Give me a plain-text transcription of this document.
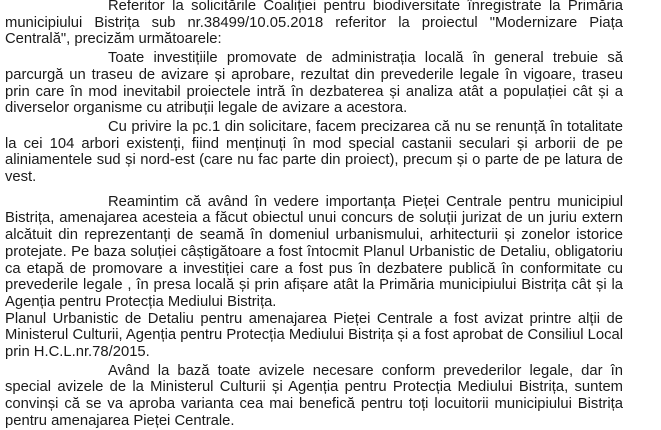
Referitor la solicitările Coaliției pentru biodiversitate înregistrate la Primăria municipiului Bistrița sub nr.38499/10.05.2018 referitor la proiectul "Modernizare Piața Centrală", precizăm următoarele:

Toate investițiile promovate de administrația locală în general trebuie să parcurgă un traseu de avizare și aprobare, rezultat din prevederile legale în vigoare, traseu prin care în mod inevitabil proiectele intră în dezbaterea și analiza atât a populației cât și a diverselor organisme cu atribuții legale de avizare a acestora.

Cu privire la pc.1 din solicitare, facem precizarea că nu se renunță în totalitate la cei 104 arbori existenți, fiind menținuți în mod special castanii seculari și arborii de pe aliniamentele sud și nord-est (care nu fac parte din proiect), precum și o parte de pe latura de vest.

Reamintim că având în vedere importanța Pieței Centrale pentru municipiul Bistrița, amenajarea acesteia a făcut obiectul unui concurs de soluții jurizat de un juriu extern alcătuit din reprezentanți de seamă în domeniul urbanismului, arhitecturii și zonelor istorice protejate. Pe baza soluției câștigătoare a fost întocmit Planul Urbanistic de Detaliu, obligatoriu ca etapă de promovare a investiției care a fost pus în dezbatere publică în conformitate cu prevederile legale , în presa locală și prin afișare atât la Primăria municipiului Bistrița cât și la Agenția pentru Protecția Mediului Bistrița.

Planul Urbanistic de Detaliu pentru amenajarea Pieței Centrale a fost avizat printre alții de Ministerul Culturii, Agenția pentru Protecția Mediului Bistrița și a fost aprobat de Consiliul Local prin H.C.L.nr.78/2015.

Având la bază toate avizele necesare conform prevederilor legale, dar în special avizele de la Ministerul Culturii și Agenția pentru Protecția Mediului Bistrița, suntem convinși că se va aproba varianta cea mai benefică pentru toți locuitorii municipiului Bistrița pentru amenajarea Pieței Centrale.
